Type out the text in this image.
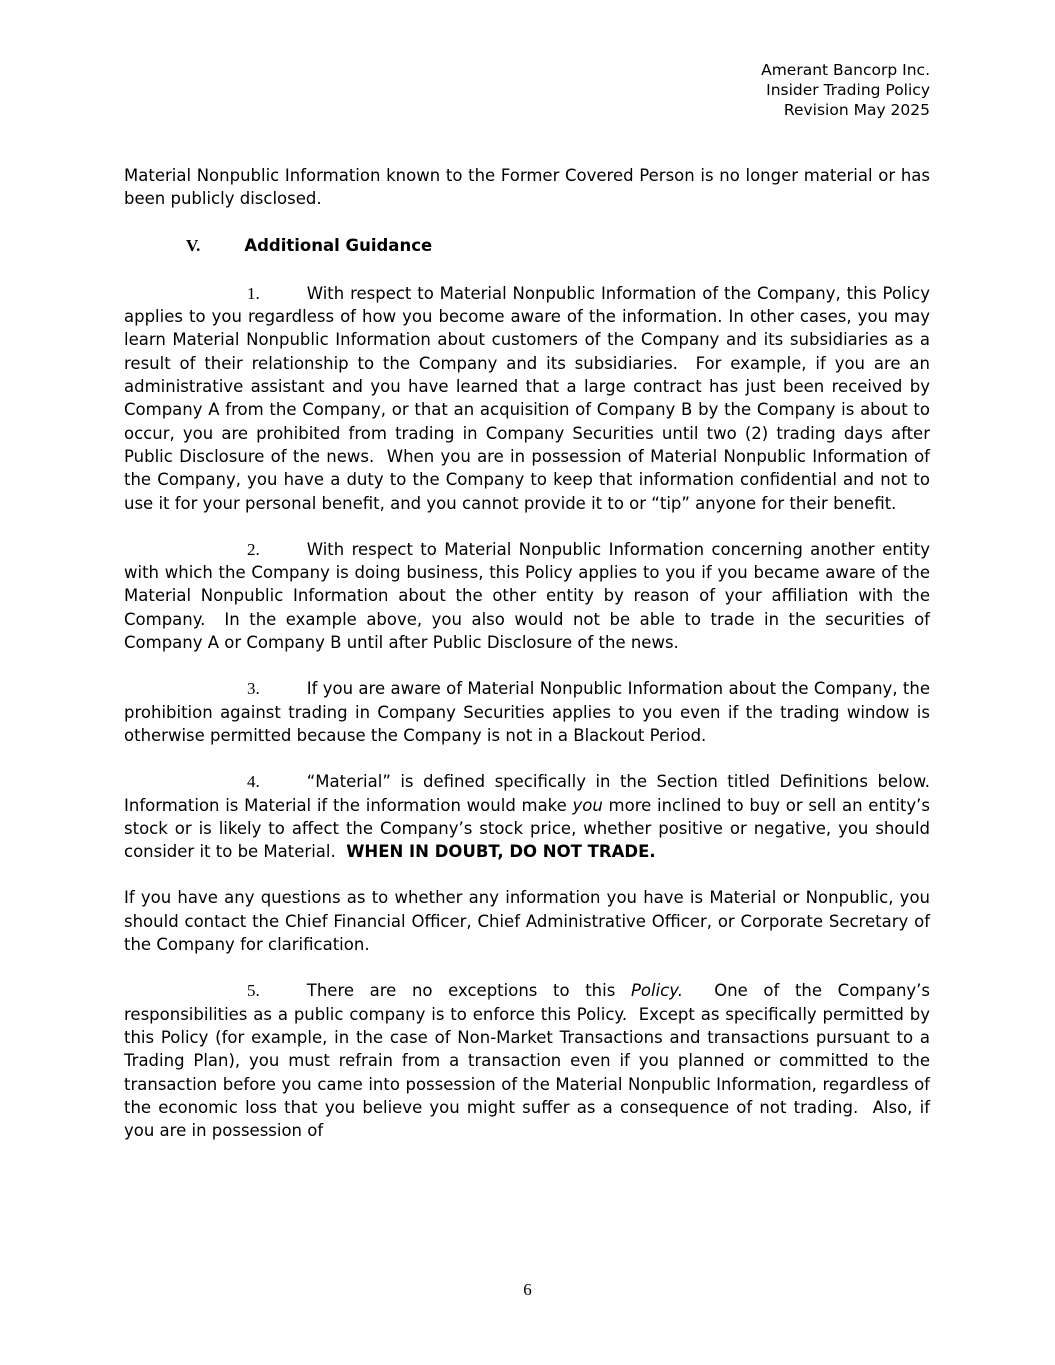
Amerant Bancorp Inc.
Insider Trading Policy
Revision May 2025

Material Nonpublic Information known to the Former Covered Person is no longer material or has been publicly disclosed.

V.	Additional Guidance

1.	With respect to Material Nonpublic Information of the Company, this Policy applies to you regardless of how you become aware of the information. In other cases, you may learn Material Nonpublic Information about customers of the Company and its subsidiaries as a result of their relationship to the Company and its subsidiaries.  For example, if you are an administrative assistant and you have learned that a large contract has just been received by Company A from the Company, or that an acquisition of Company B by the Company is about to occur, you are prohibited from trading in Company Securities until two (2) trading days after Public Disclosure of the news.  When you are in possession of Material Nonpublic Information of the Company, you have a duty to the Company to keep that information confidential and not to use it for your personal benefit, and you cannot provide it to or “tip” anyone for their benefit.

2.	With respect to Material Nonpublic Information concerning another entity with which the Company is doing business, this Policy applies to you if you became aware of the Material Nonpublic Information about the other entity by reason of your affiliation with the Company.  In the example above, you also would not be able to trade in the securities of Company A or Company B until after Public Disclosure of the news.

3.	If you are aware of Material Nonpublic Information about the Company, the prohibition against trading in Company Securities applies to you even if the trading window is otherwise permitted because the Company is not in a Blackout Period.

4.	“Material” is defined specifically in the Section titled Definitions below.  Information is Material if the information would make you more inclined to buy or sell an entity’s stock or is likely to affect the Company’s stock price, whether positive or negative, you should consider it to be Material.  WHEN IN DOUBT, DO NOT TRADE.

If you have any questions as to whether any information you have is Material or Nonpublic, you should contact the Chief Financial Officer, Chief Administrative Officer, or Corporate Secretary of the Company for clarification.

5.	There are no exceptions to this Policy.  One of the Company’s responsibilities as a public company is to enforce this Policy.  Except as specifically permitted by this Policy (for example, in the case of Non-Market Transactions and transactions pursuant to a Trading Plan), you must refrain from a transaction even if you planned or committed to the transaction before you came into possession of the Material Nonpublic Information, regardless of the economic loss that you believe you might suffer as a consequence of not trading.  Also, if you are in possession of

6
